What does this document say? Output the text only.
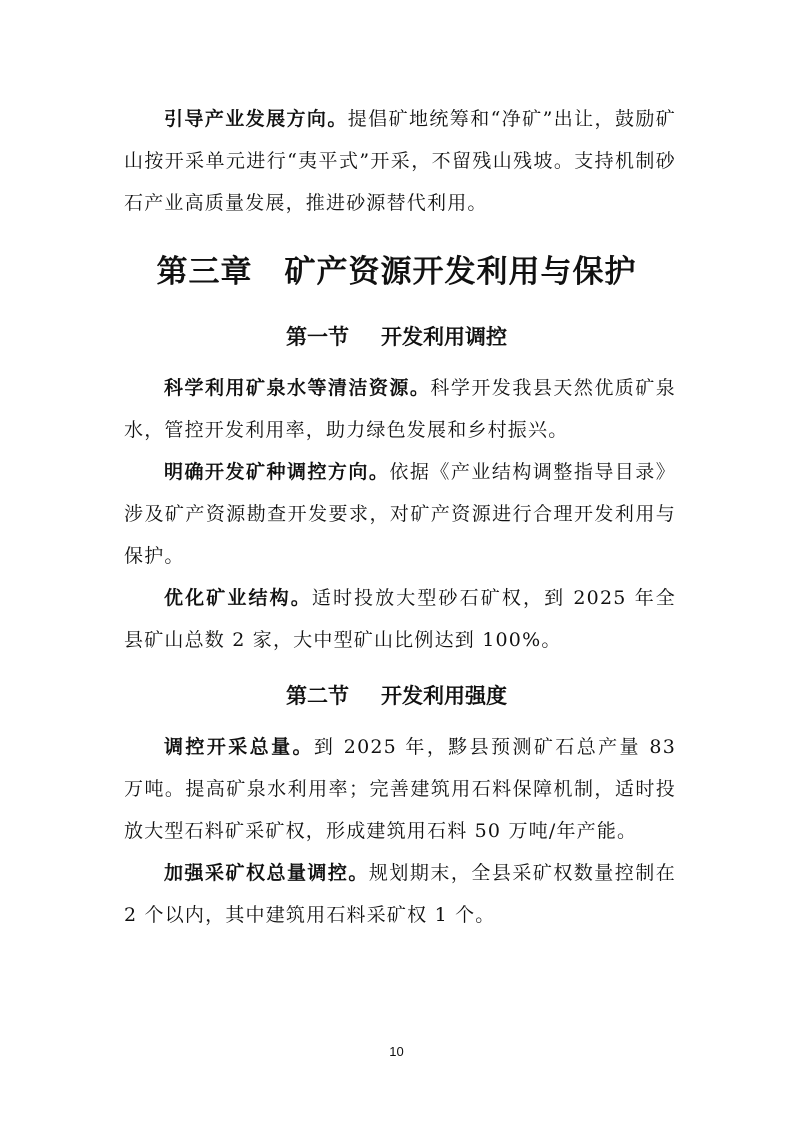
引导产业发展方向。提倡矿地统筹和“净矿”出让，鼓励矿山按开采单元进行“夷平式”开采，不留残山残坡。支持机制砂石产业高质量发展，推进砂源替代利用。

第三章 矿产资源开发利用与保护
第一节 开发利用调控

科学利用矿泉水等清洁资源。科学开发我县天然优质矿泉水，管控开发利用率，助力绿色发展和乡村振兴。

明确开发矿种调控方向。依据《产业结构调整指导目录》涉及矿产资源勘查开发要求，对矿产资源进行合理开发利用与保护。

优化矿业结构。适时投放大型砂石矿权，到 2025 年全县矿山总数 2 家，大中型矿山比例达到 100%。

第二节 开发利用强度

调控开采总量。到 2025 年，黟县预测矿石总产量 83 万吨。提高矿泉水利用率；完善建筑用石料保障机制，适时投放大型石料矿采矿权，形成建筑用石料 50 万吨/年产能。

加强采矿权总量调控。规划期末，全县采矿权数量控制在 2 个以内，其中建筑用石料采矿权 1 个。

10
